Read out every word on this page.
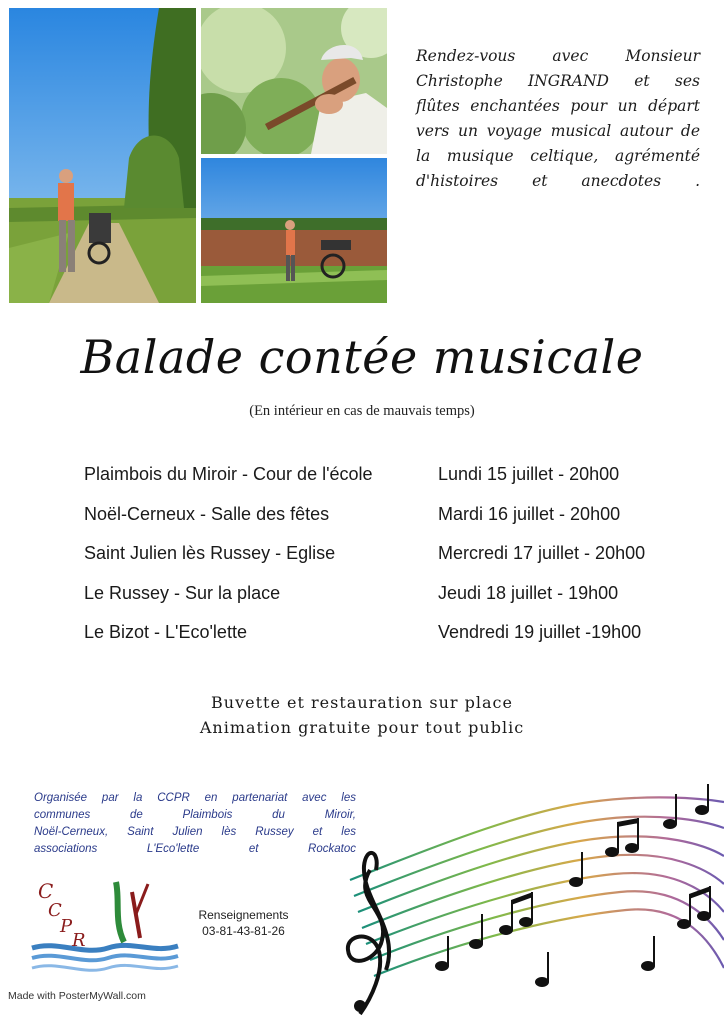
Rendez-vous avec Monsieur
Christophe INGRAND et ses
flûtes enchantées pour un départ
vers un voyage musical autour de
la musique celtique, agrémenté
d'histoires et anecdotes .
Balade contée musicale
(En intérieur en cas de mauvais temps)
Plaimbois du Miroir - Cour de l'école	Lundi 15 juillet - 20h00
Noël-Cerneux - Salle des fêtes	Mardi 16 juillet - 20h00
Saint Julien lès Russey - Eglise	Mercredi 17 juillet - 20h00
Le Russey - Sur la place	Jeudi 18 juillet - 19h00
Le Bizot - L'Eco'lette	Vendredi 19 juillet -19h00
Buvette et restauration sur place
Animation gratuite pour tout public
Organisée par la CCPR en partenariat avec les
communes de Plaimbois du Miroir,
Noël-Cerneux, Saint Julien lès Russey et les
associations L'Eco'lette et Rockatoc
C
C
P
R
Renseignements
03-81-43-81-26
Made with PosterMyWall.com
